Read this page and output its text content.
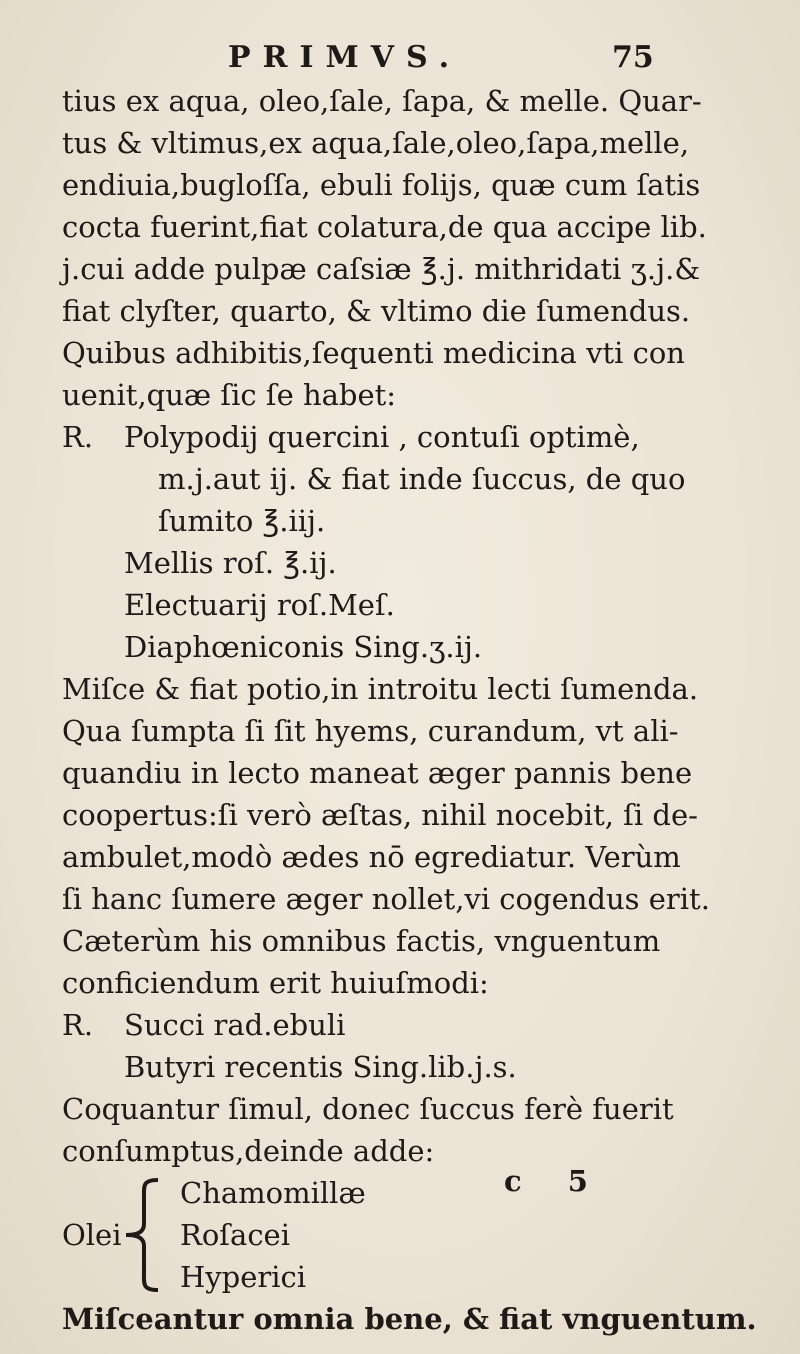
PRIMVS.	75
tius ex aqua, oleo,ſale, ſapa, & melle. Quar-
tus & vltimus,ex aqua,ſale,oleo,ſapa,melle,
endiuia,bugloſſa, ebuli folijs, quæ cum ſatis
cocta fuerint,fiat colatura,de qua accipe lib.
j.cui adde pulpæ caſsiæ ℥.j. mithridati ʒ.j.&
fiat clyſter, quarto, & vltimo die ſumendus.
Quibus adhibitis,ſequenti medicina vti con
uenit,quæ ſic ſe habet:
R. Polypodij quercini , contuſi optimè,
m.j.aut ij. & fiat inde ſuccus, de quo
ſumito ℥.iij.
Mellis roſ. ℥.ij.
Electuarij roſ.Meſ.
Diaphœniconis Sing.ʒ.ij.
Miſce & fiat potio,in introitu lecti ſumenda.
Qua ſumpta ſi ſit hyems, curandum, vt ali-
quandiu in lecto maneat æger pannis bene
coopertus:ſi verò æſtas, nihil nocebit, ſi de-
ambulet,modò ædes nō egrediatur. Verùm
ſi hanc ſumere æger nollet,vi cogendus erit.
Cæterùm his omnibus factis, vnguentum
conficiendum erit huiuſmodi:
R. Succi rad.ebuli
Butyri recentis Sing.lib.j.s.
Coquantur ſimul, donec ſuccus ferè fuerit
conſumptus,deinde adde:
Olei
Chamomillæ
Roſacei
Hyperici
Miſceantur omnia bene, & fiat vnguentum.
c 5
